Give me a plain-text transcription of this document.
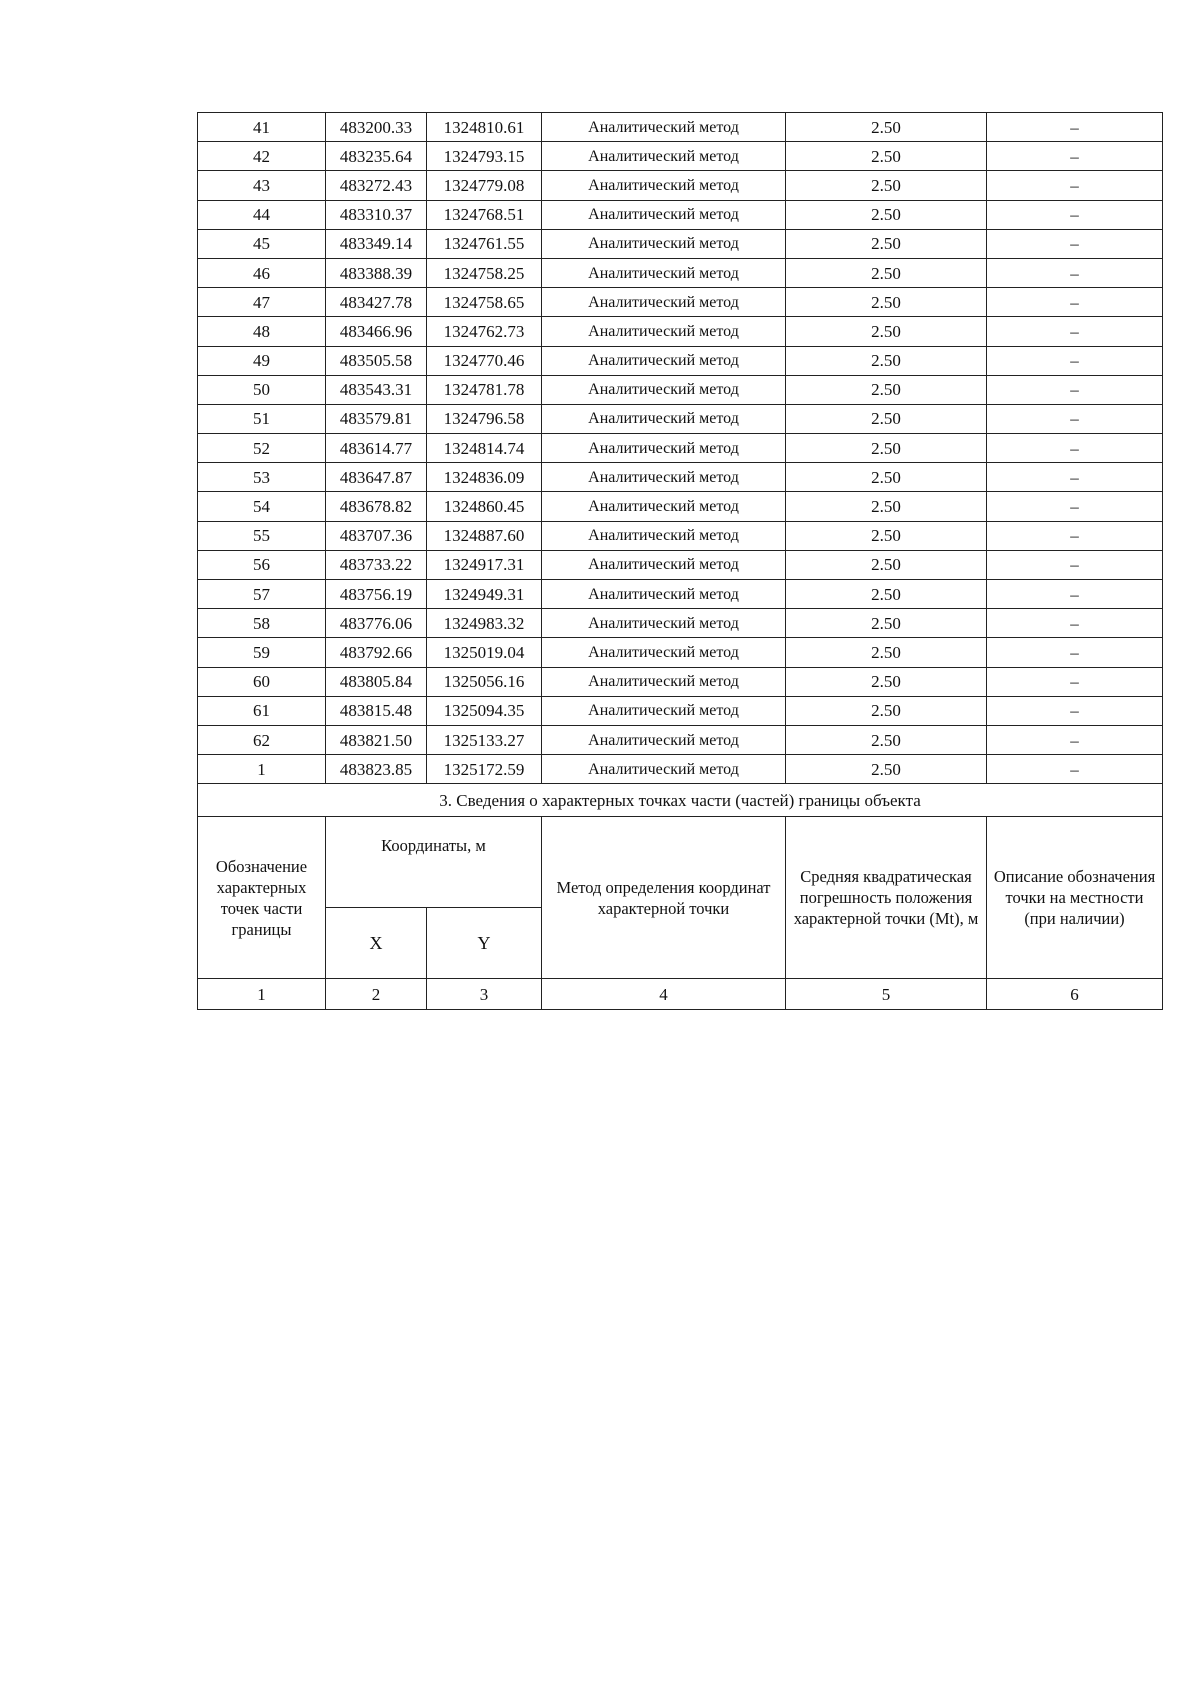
41	483200.33	1324810.61	Аналитический метод	2.50	–
42	483235.64	1324793.15	Аналитический метод	2.50	–
43	483272.43	1324779.08	Аналитический метод	2.50	–
44	483310.37	1324768.51	Аналитический метод	2.50	–
45	483349.14	1324761.55	Аналитический метод	2.50	–
46	483388.39	1324758.25	Аналитический метод	2.50	–
47	483427.78	1324758.65	Аналитический метод	2.50	–
48	483466.96	1324762.73	Аналитический метод	2.50	–
49	483505.58	1324770.46	Аналитический метод	2.50	–
50	483543.31	1324781.78	Аналитический метод	2.50	–
51	483579.81	1324796.58	Аналитический метод	2.50	–
52	483614.77	1324814.74	Аналитический метод	2.50	–
53	483647.87	1324836.09	Аналитический метод	2.50	–
54	483678.82	1324860.45	Аналитический метод	2.50	–
55	483707.36	1324887.60	Аналитический метод	2.50	–
56	483733.22	1324917.31	Аналитический метод	2.50	–
57	483756.19	1324949.31	Аналитический метод	2.50	–
58	483776.06	1324983.32	Аналитический метод	2.50	–
59	483792.66	1325019.04	Аналитический метод	2.50	–
60	483805.84	1325056.16	Аналитический метод	2.50	–
61	483815.48	1325094.35	Аналитический метод	2.50	–
62	483821.50	1325133.27	Аналитический метод	2.50	–
1	483823.85	1325172.59	Аналитический метод	2.50	–
3. Сведения о характерных точках части (частей) границы объекта					
Обозначение характерных точек части границы	Координаты, м		Метод определения координат характерной точки	Средняя квадратическая погрешность положения характерной точки (Mt), м	Описание обозначения точки на местности (при наличии)
	X	Y			
1	2	3	4	5	6
